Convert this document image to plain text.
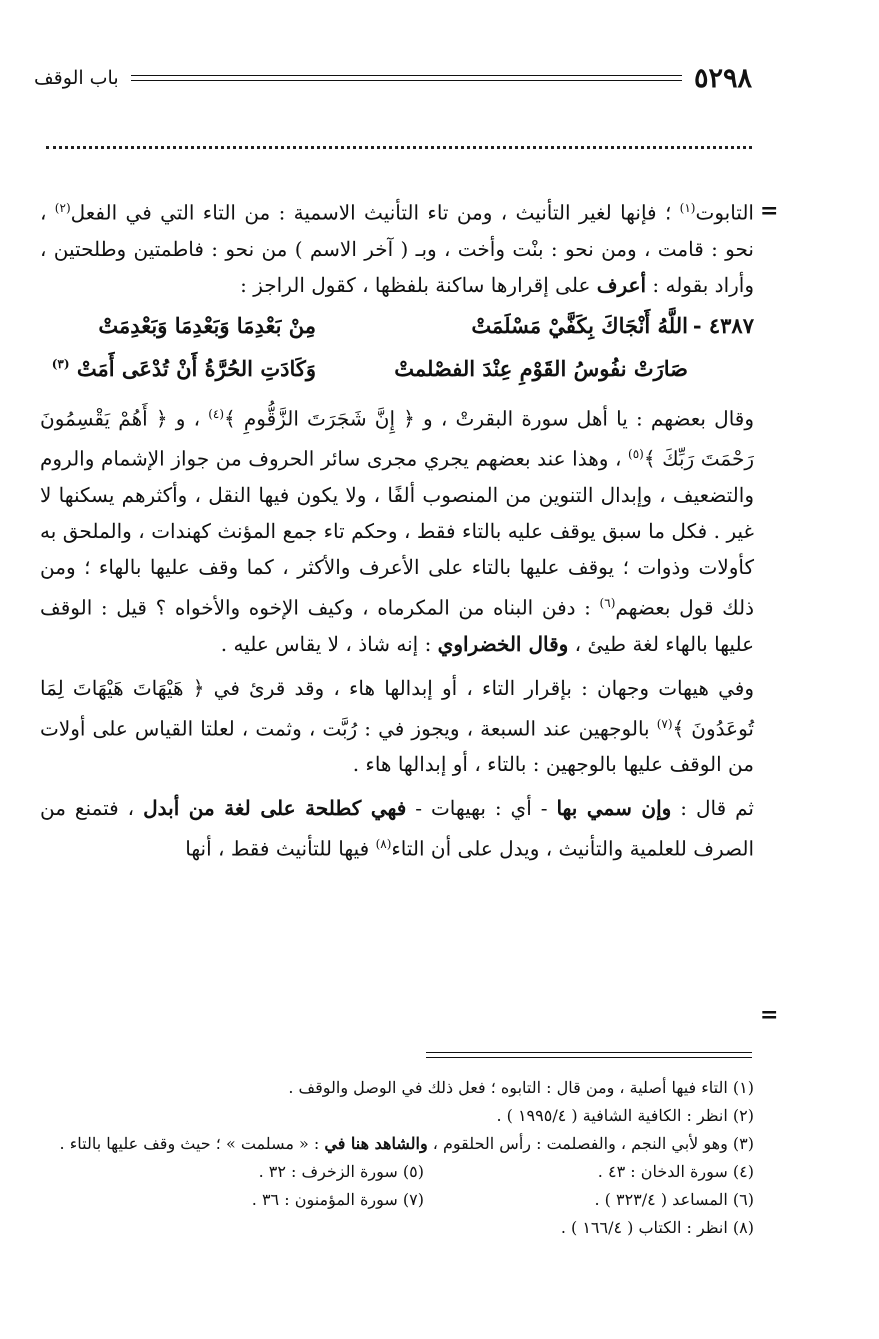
٥٢٩٨
باب الوقف
=

التابوت$^{(١)}$ ؛ فإنها لغير التأنيث ، ومن تاء التأنيث الاسمية : من التاء التي في الفعل$^{(٢)}$ ، نحو : قامت ، ومن نحو : بنْت وأخت ، وبـ ( آخر الاسم ) من نحو : فاطمتين وطلحتين ، وأراد بقوله : أعرف على إقرارها ساكنة بلفظها ، كقول الراجز :

٤٣٨٧ -
اللَّهُ أَنْجَاكَ بِكَفَّيْ مَسْلَمَتْ
مِنْ بَعْدِمَا وَبَعْدِمَا وَبَعْدِمَتْ
صَارَتْ نفُوسُ القَوْمِ عِنْدَ الفصْلمتْ
وَكَادَتِ الحُرَّةُ أَنْ تُدْعَى أَمَتْ $^{(٣)}$

وقال بعضهم : يا أهل سورة البقرتْ ، و ﴿ إِنَّ شَجَرَتَ الزَّقُّومِ ﴾$^{(٤)}$ ، و ﴿ أَهُمْ يَقْسِمُونَ رَحْمَتَ رَبِّكَ ﴾$^{(٥)}$ ، وهذا عند بعضهم يجري مجرى سائر الحروف من جواز الإشمام والروم والتضعيف ، وإبدال التنوين من المنصوب ألفًا ، ولا يكون فيها النقل ، وأكثرهم يسكنها لا غير . فكل ما سبق يوقف عليه بالتاء فقط ، وحكم تاء جمع المؤنث كهندات ، والملحق به كأولات وذوات ؛ يوقف عليها بالتاء على الأعرف والأكثر ، كما وقف عليها بالهاء ؛ ومن ذلك قول بعضهم$^{(٦)}$ : دفن البناه من المكرماه ، وكيف الإخوه والأخواه ؟ قيل : الوقف عليها بالهاء لغة طيئ ، وقال الخضراوي : إنه شاذ ، لا يقاس عليه .

وفي هيهات وجهان : بإقرار التاء ، أو إبدالها هاء ، وقد قرئ في ﴿ هَيْهَاتَ هَيْهَاتَ لِمَا تُوعَدُونَ ﴾$^{(٧)}$ بالوجهين عند السبعة ، ويجوز في : رُبَّت ، وثمت ، لعلتا القياس على أولات من الوقف عليها بالوجهين : بالتاء ، أو إبدالها هاء .

ثم قال : وإن سمي بها - أي : بهيهات - فهي كطلحة على لغة من أبدل ، فتمنع من الصرف للعلمية والتأنيث ، ويدل على أن التاء$^{(٨)}$ فيها للتأنيث فقط ، أنها

=
(١) التاء فيها أصلية ، ومن قال : التابوه ؛ فعل ذلك في الوصل والوقف .
(٢) انظر : الكافية الشافية ( ١٩٩٥/٤ ) .
(٣) وهو لأبي النجم ، والفصلمت : رأس الحلقوم ، والشاهد هنا في : « مسلمت » ؛ حيث وقف عليها بالتاء .
(٤) سورة الدخان : ٤٣ .
(٥) سورة الزخرف : ٣٢ .
(٦) المساعد ( ٣٢٣/٤ ) .
(٧) سورة المؤمنون : ٣٦ .
(٨) انظر : الكتاب ( ١٦٦/٤ ) .
